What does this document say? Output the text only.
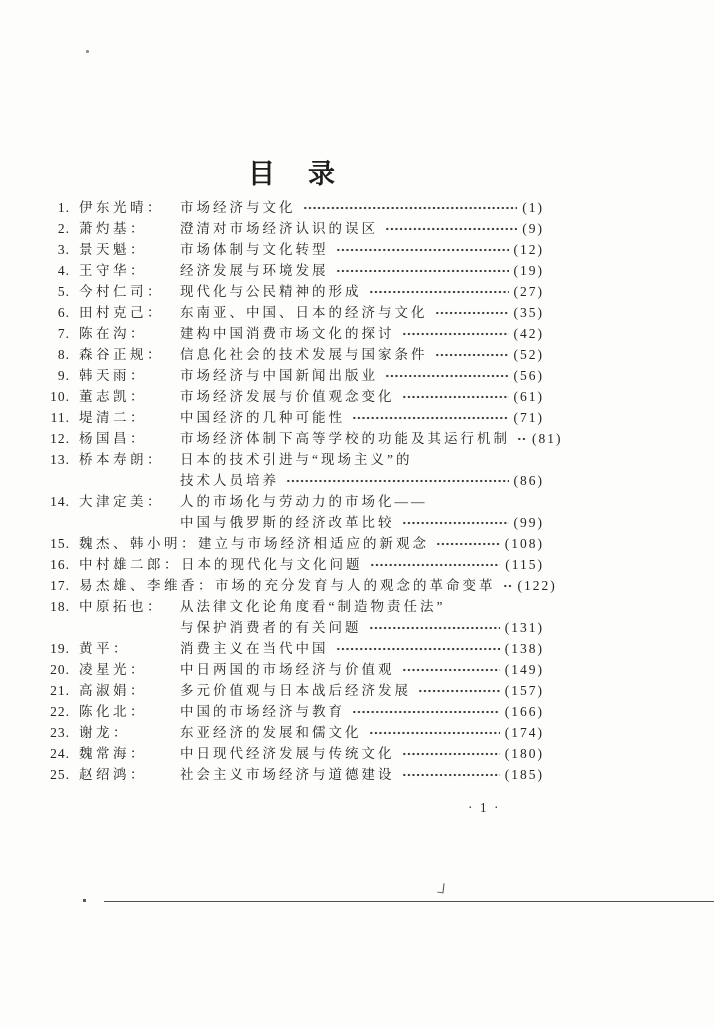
目　录
1. 伊东光晴：	市场经济与文化	(1)
2. 萧灼基：	澄清对市场经济认识的误区	(9)
3. 景天魁：	市场体制与文化转型	(12)
4. 王守华：	经济发展与环境发展	(19)
5. 今村仁司：	现代化与公民精神的形成	(27)
6. 田村克己：	东南亚、中国、日本的经济与文化	(35)
7. 陈在沟：	建构中国消费市场文化的探讨	(42)
8. 森谷正规：	信息化社会的技术发展与国家条件	(52)
9. 韩天雨：	市场经济与中国新闻出版业	(56)
10. 董志凯：	市场经济发展与价值观念变化	(61)
11. 堤清二：	中国经济的几种可能性	(71)
12. 杨国昌：	市场经济体制下高等学校的功能及其运行机制 (81)
13. 桥本寿朗：	日本的技术引进与“现场主义”的
技术人员培养	(86)
14. 大津定美：	人的市场化与劳动力的市场化——
中国与俄罗斯的经济改革比较	(99)
15. 魏杰、韩小明： 建立与市场经济相适应的新观念	(108)
16. 中村雄二郎： 日本的现代化与文化问题	(115)
17. 易杰雄、李维香： 市场的充分发育与人的观念的革命变革 (122)
18. 中原拓也：	从法律文化论角度看“制造物责任法”
与保护消费者的有关问题	(131)
19. 黄平：	消费主义在当代中国	(138)
20. 凌星光：	中日两国的市场经济与价值观	(149)
21. 高淑娟：	多元价值观与日本战后经济发展	(157)
22. 陈化北：	中国的市场经济与教育	(166)
23. 谢龙：	东亚经济的发展和儒文化	(174)
24. 魏常海：	中日现代经济发展与传统文化	(180)
25. 赵绍鸿：	社会主义市场经济与道德建设	(185)
· 1 ·
